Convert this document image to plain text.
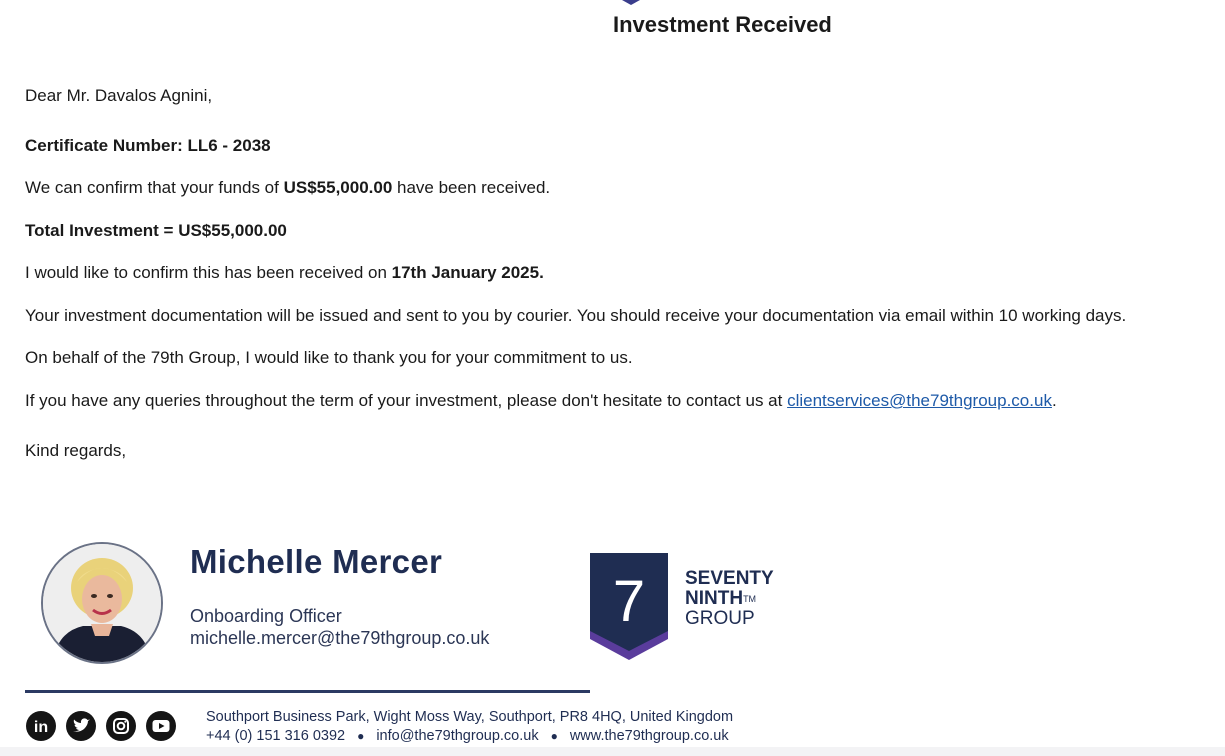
Investment Received
Dear Mr. Davalos Agnini,
Certificate Number: LL6 - 2038
We can confirm that your funds of US$55,000.00 have been received.
Total Investment = US$55,000.00
I would like to confirm this has been received on 17th January 2025.
Your investment documentation will be issued and sent to you by courier. You should receive your documentation via email within 10 working days.
On behalf of the 79th Group, I would like to thank you for your commitment to us.
If you have any queries throughout the term of your investment, please don't hesitate to contact us at clientservices@the79thgroup.co.uk.
Kind regards,
Michelle Mercer
Onboarding Officer
michelle.mercer@the79thgroup.co.uk
7 SEVENTY
NINTH™
GROUP
in
Southport Business Park, Wight Moss Way, Southport, PR8 4HQ, United Kingdom
+44 (0) 151 316 0392 ● info@the79thgroup.co.uk ● www.the79thgroup.co.uk
